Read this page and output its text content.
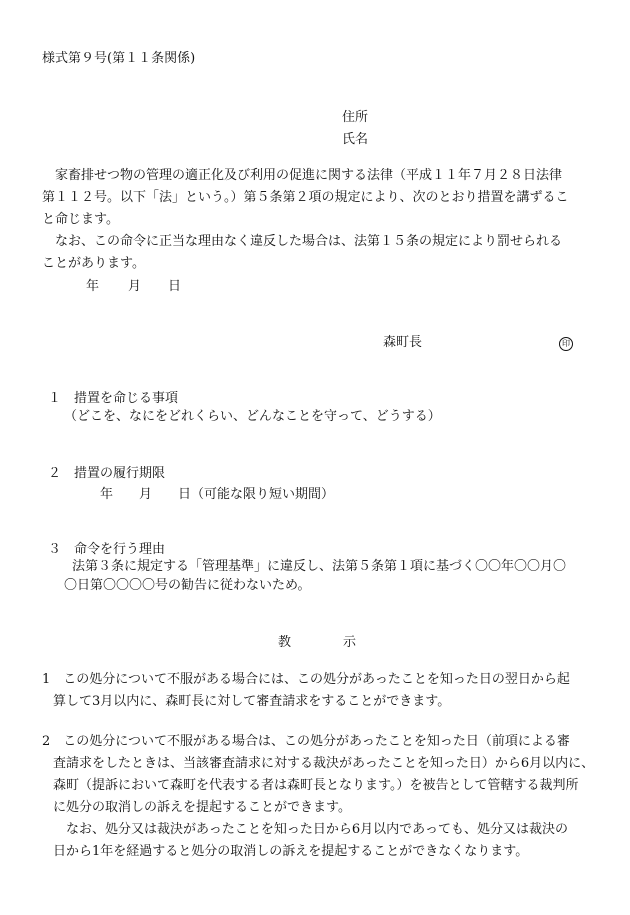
様式第９号(第１１条関係)
住所
氏名
　家畜排せつ物の管理の適正化及び利用の促進に関する法律（平成１１年７月２８日法律
第１１２号。以下「法」という。）第５条第２項の規定により、次のとおり措置を講ずるこ
と命じます。
　なお、この命令に正当な理由なく違反した場合は、法第１５条の規定により罰せられる
ことがあります。
年 月 日
森町長	印
１　措置を命じる事項
（どこを、なにをどれくらい、どんなことを守って、どうする）
２　措置の履行期限
年　　月　　日（可能な限り短い期間）
３　命令を行う理由
法第３条に規定する「管理基準」に違反し、法第５条第１項に基づく〇〇年〇〇月〇
〇日第〇〇〇〇号の勧告に従わないため。
教　　　　示
1　この処分について不服がある場合には、この処分があったことを知った日の翌日から起
算して3月以内に、森町長に対して審査請求をすることができます。
2　この処分について不服がある場合は、この処分があったことを知った日（前項による審
査請求をしたときは、当該審査請求に対する裁決があったことを知った日）から6月以内に、
森町（提訴において森町を代表する者は森町長となります。）を被告として管轄する裁判所
に処分の取消しの訴えを提起することができます。
　なお、処分又は裁決があったことを知った日から6月以内であっても、処分又は裁決の
日から1年を経過すると処分の取消しの訴えを提起することができなくなります。
